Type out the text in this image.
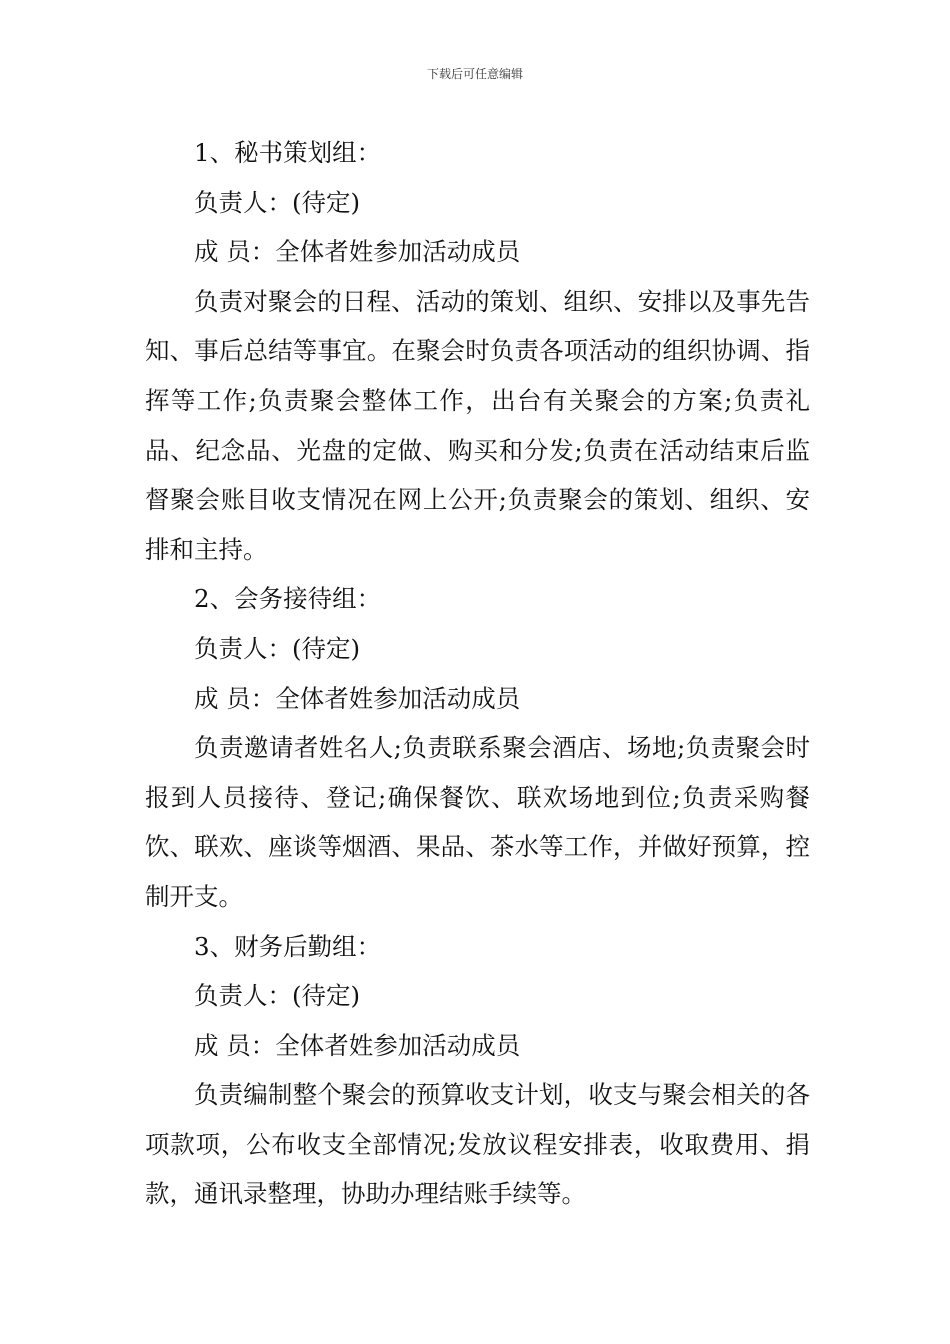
下载后可任意编辑

1、秘书策划组：

负责人：(待定)

成 员：全体者姓参加活动成员

负责对聚会的日程、活动的策划、组织、安排以及事先告知、事后总结等事宜。在聚会时负责各项活动的组织协调、指挥等工作;负责聚会整体工作，出台有关聚会的方案;负责礼品、纪念品、光盘的定做、购买和分发;负责在活动结束后监督聚会账目收支情况在网上公开;负责聚会的策划、组织、安排和主持。

2、会务接待组：

负责人：(待定)

成 员：全体者姓参加活动成员

负责邀请者姓名人;负责联系聚会酒店、场地;负责聚会时报到人员接待、登记;确保餐饮、联欢场地到位;负责采购餐饮、联欢、座谈等烟酒、果品、茶水等工作，并做好预算，控制开支。

3、财务后勤组：

负责人：(待定)

成 员：全体者姓参加活动成员

负责编制整个聚会的预算收支计划，收支与聚会相关的各项款项，公布收支全部情况;发放议程安排表，收取费用、捐款，通讯录整理，协助办理结账手续等。
